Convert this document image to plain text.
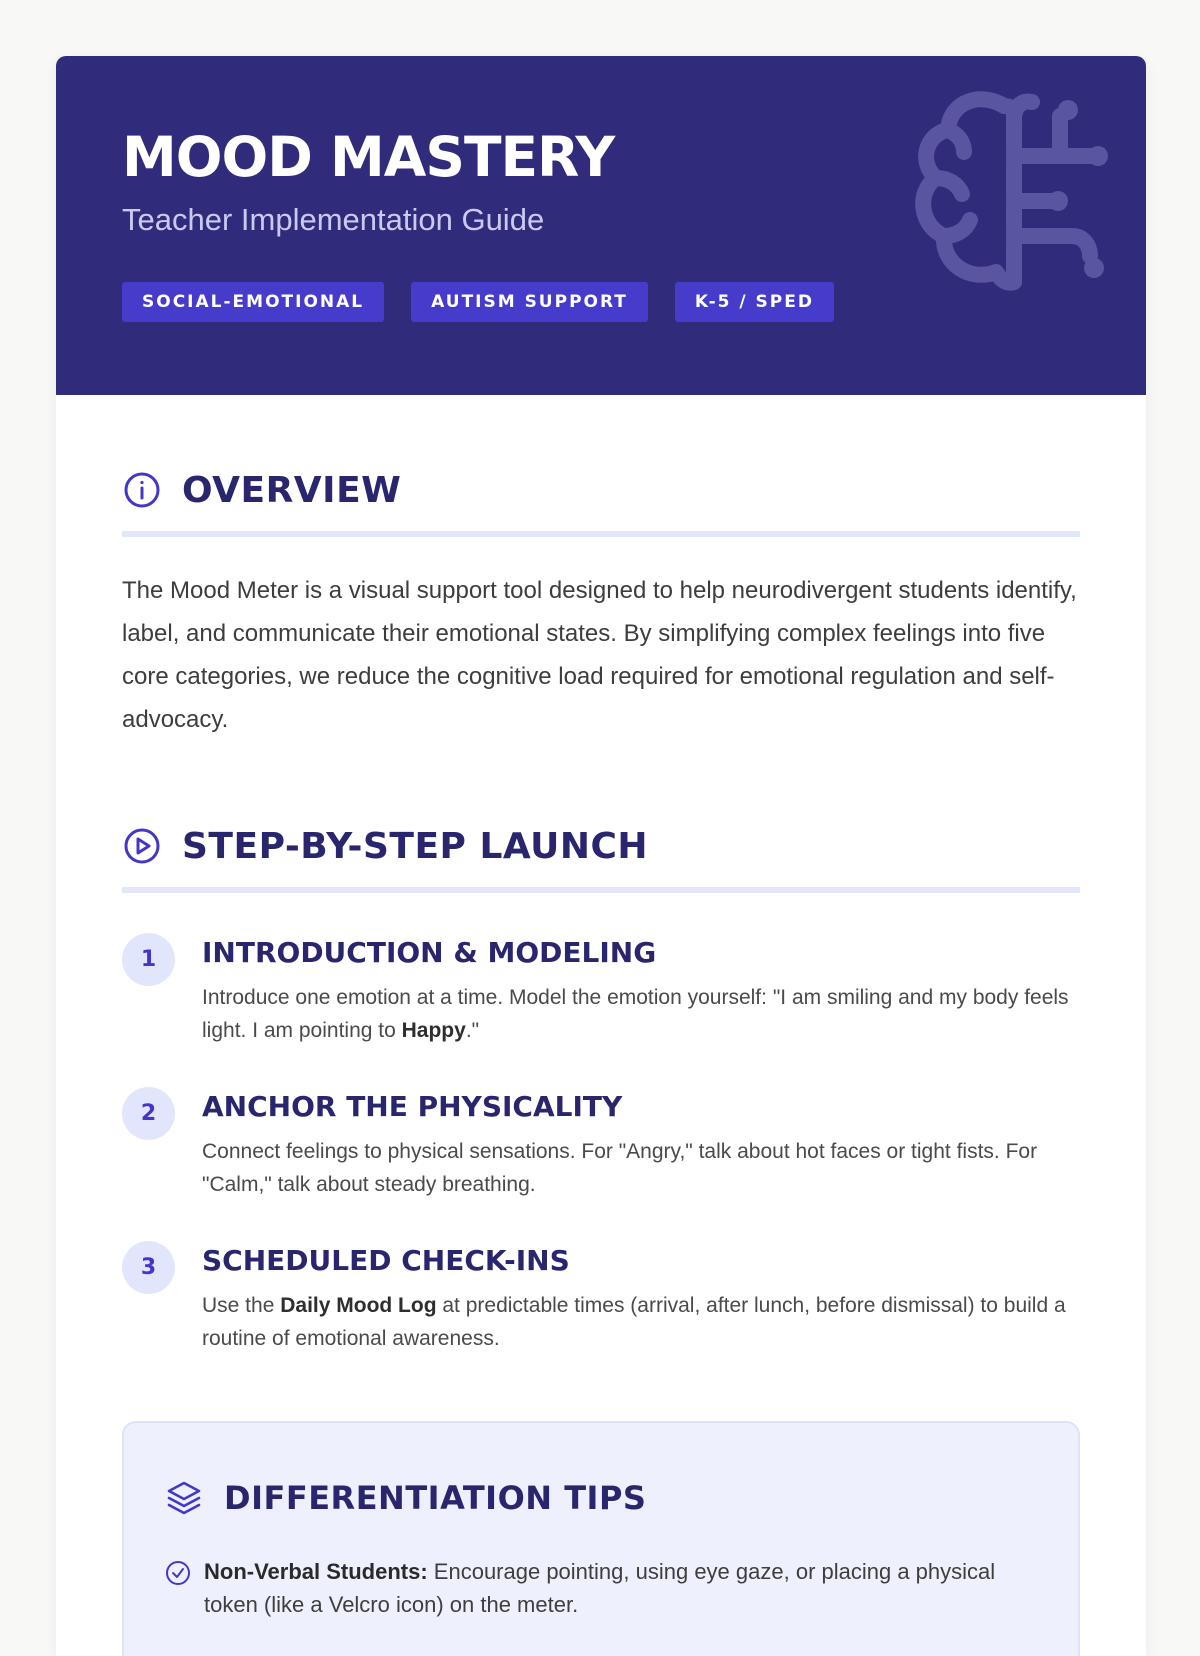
MOOD MASTERY
Teacher Implementation Guide
SOCIAL-EMOTIONAL	AUTISM SUPPORT	K-5 / SPED
OVERVIEW

The Mood Meter is a visual support tool designed to help neurodivergent students identify, label, and communicate their emotional states. By simplifying complex feelings into five core categories, we reduce the cognitive load required for emotional regulation and self-advocacy.

STEP-BY-STEP LAUNCH
1	INTRODUCTION & MODELING

Introduce one emotion at a time. Model the emotion yourself: "I am smiling and my body feels light. I am pointing to Happy."

2	ANCHOR THE PHYSICALITY

Connect feelings to physical sensations. For "Angry," talk about hot faces or tight fists. For "Calm," talk about steady breathing.

3	SCHEDULED CHECK-INS

Use the Daily Mood Log at predictable times (arrival, after lunch, before dismissal) to build a routine of emotional awareness.

DIFFERENTIATION TIPS
Non-Verbal Students: Encourage pointing, using eye gaze, or placing a physical token (like a Velcro icon) on the meter.
